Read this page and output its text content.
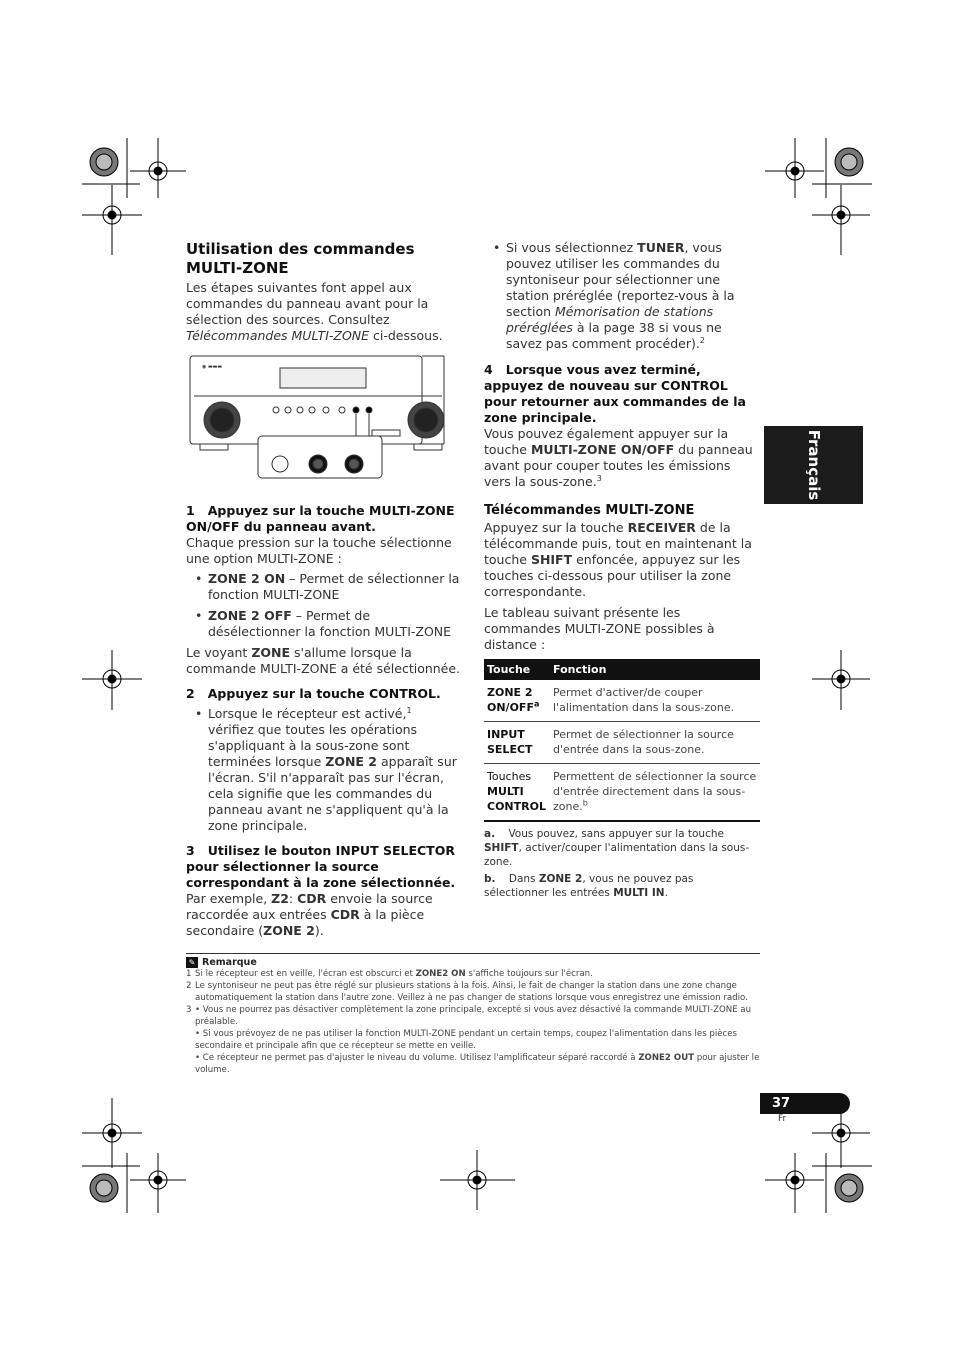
Utilisation des commandes
MULTI-ZONE

Les étapes suivantes font appel aux commandes du panneau avant pour la sélection des sources. Consultez Télécommandes MULTI-ZONE ci-dessous.

◉ ▬▬▬

1   Appuyez sur la touche MULTI-ZONE ON/OFF du panneau avant.

Chaque pression sur la touche sélectionne une option MULTI-ZONE :

• ZONE 2 ON – Permet de sélectionner la fonction MULTI-ZONE

• ZONE 2 OFF – Permet de désélectionner la fonction MULTI-ZONE

Le voyant ZONE s'allume lorsque la commande MULTI-ZONE a été sélectionnée.

2   Appuyez sur la touche CONTROL.

• Lorsque le récepteur est activé,$^1$ vérifiez que toutes les opérations s'appliquant à la sous-zone sont terminées lorsque ZONE 2 apparaît sur l'écran. S'il n'apparaît pas sur l'écran, cela signifie que les commandes du panneau avant ne s'appliquent qu'à la zone principale.

3   Utilisez le bouton INPUT SELECTOR pour sélectionner la source correspondant à la zone sélectionnée.

Par exemple, Z2: CDR envoie la source raccordée aux entrées CDR à la pièce secondaire (ZONE 2).

• Si vous sélectionnez TUNER, vous pouvez utiliser les commandes du syntoniseur pour sélectionner une station préréglée (reportez-vous à la section Mémorisation de stations préréglées à la page 38 si vous ne savez pas comment procéder).$^2$

4   Lorsque vous avez terminé, appuyez de nouveau sur CONTROL pour retourner aux commandes de la zone principale.

Vous pouvez également appuyer sur la touche MULTI-ZONE ON/OFF du panneau avant pour couper toutes les émissions vers la sous-zone.$^3$

Télécommandes MULTI-ZONE

Appuyez sur la touche RECEIVER de la télécommande puis, tout en maintenant la touche SHIFT enfoncée, appuyez sur les touches ci-dessous pour utiliser la zone correspondante.

Le tableau suivant présente les commandes MULTI-ZONE possibles à distance :

Touche	Fonction
ZONE 2 ON/OFF$^a$	Permet d'activer/de couper l'alimentation dans la sous-zone.
INPUT SELECT	Permet de sélectionner la source d'entrée dans la sous-zone.
Touches
MULTI CONTROL	Permettent de sélectionner la source d'entrée directement dans la sous-zone.$^b$

a. Vous pouvez, sans appuyer sur la touche SHIFT, activer/couper l'alimentation dans la sous-zone.

b. Dans ZONE 2, vous ne pouvez pas sélectionner les entrées MULTI IN.

Français
✎ Remarque
1 Si le récepteur est en veille, l'écran est obscurci et ZONE2 ON s'affiche toujours sur l'écran.
2 Le syntoniseur ne peut pas être réglé sur plusieurs stations à la fois. Ainsi, le fait de changer la station dans une zone change automatiquement la station dans l'autre zone. Veillez à ne pas changer de stations lorsque vous enregistrez une émission radio.
3 • Vous ne pourrez pas désactiver complètement la zone principale, excepté si vous avez désactivé la commande MULTI-ZONE au préalable.
• Si vous prévoyez de ne pas utiliser la fonction MULTI-ZONE pendant un certain temps, coupez l'alimentation dans les pièces secondaire et principale afin que ce récepteur se mette en veille.
• Ce récepteur ne permet pas d'ajuster le niveau du volume. Utilisez l'amplificateur séparé raccordé à ZONE2 OUT pour ajuster le volume.
37
Fr
